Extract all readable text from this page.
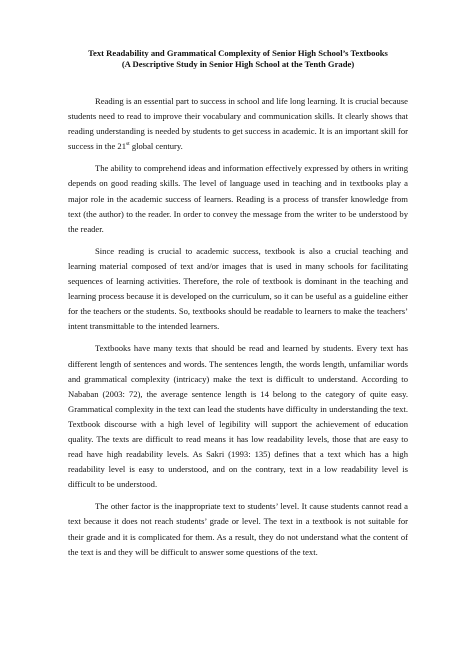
Text Readability and Grammatical Complexity of Senior High School’s Textbooks
(A Descriptive Study in Senior High School at the Tenth Grade)

Reading is an essential part to success in school and life long learning. It is crucial because students need to read to improve their vocabulary and communication skills. It clearly shows that reading understanding is needed by students to get success in academic. It is an important skill for success in the 21st global century.

The ability to comprehend ideas and information effectively expressed by others in writing depends on good reading skills. The level of language used in teaching and in textbooks play a major role in the academic success of learners. Reading is a process of transfer knowledge from text (the author) to the reader. In order to convey the message from the writer to be understood by the reader.

Since reading is crucial to academic success, textbook is also a crucial teaching and learning material composed of text and/or images that is used in many schools for facilitating sequences of learning activities. Therefore, the role of textbook is dominant in the teaching and learning process because it is developed on the curriculum, so it can be useful as a guideline either for the teachers or the students. So, textbooks should be readable to learners to make the teachers’ intent transmittable to the intended learners.

Textbooks have many texts that should be read and learned by students. Every text has different length of sentences and words. The sentences length, the words length, unfamiliar words and grammatical complexity (intricacy) make the text is difficult to understand. According to Nababan (2003: 72), the average sentence length is 14 belong to the category of quite easy. Grammatical complexity in the text can lead the students have difficulty in understanding the text. Textbook discourse with a high level of legibility will support the achievement of education quality. The texts are difficult to read means it has low readability levels, those that are easy to read have high readability levels. As Sakri (1993: 135) defines that a text which has a high readability level is easy to understood, and on the contrary, text in a low readability level is difficult to be understood.

The other factor is the inappropriate text to students’ level. It cause students cannot read a text because it does not reach students’ grade or level. The text in a textbook is not suitable for their grade and it is complicated for them. As a result, they do not understand what the content of the text is and they will be difficult to answer some questions of the text.
